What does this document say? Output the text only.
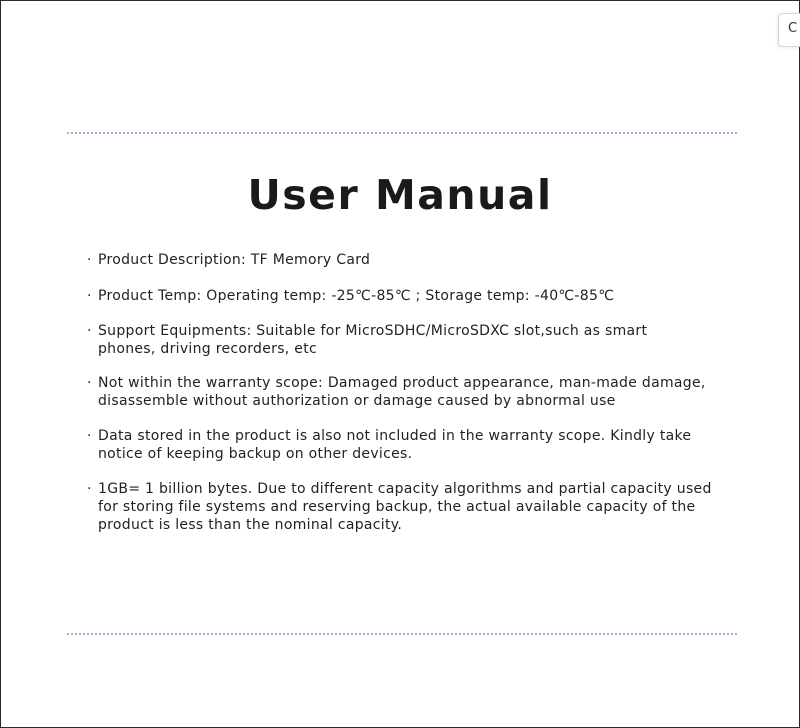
C
User Manual
· Product Description: TF Memory Card
· Product Temp: Operating temp: -25℃-85℃ ; Storage temp: -40℃-85℃
· Support Equipments: Suitable for MicroSDHC/MicroSDXC slot,such as smart
phones, driving recorders, etc
· Not within the warranty scope: Damaged product appearance, man-made damage,
disassemble without authorization or damage caused by abnormal use
· Data stored in the product is also not included in the warranty scope. Kindly take
notice of keeping backup on other devices.
· 1GB= 1 billion bytes. Due to different capacity algorithms and partial capacity used
for storing file systems and reserving backup, the actual available capacity of the
product is less than the nominal capacity.
